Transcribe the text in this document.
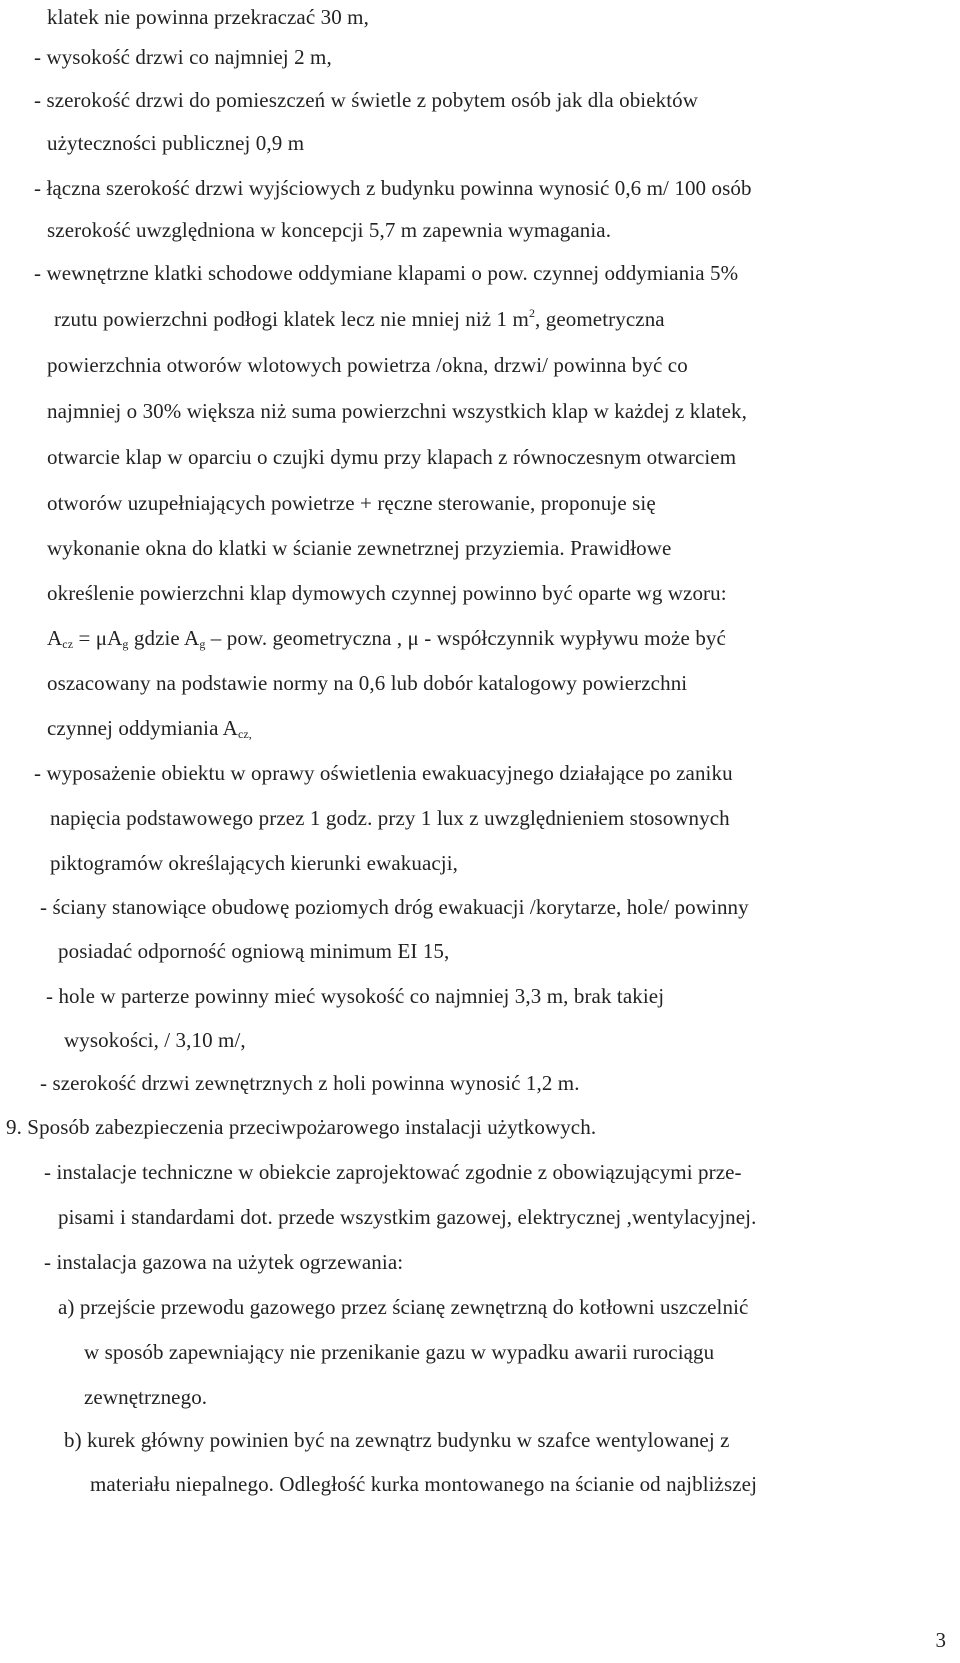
klatek nie powinna przekraczać 30 m,
- wysokość drzwi co najmniej 2 m,
- szerokość drzwi do pomieszczeń w świetle z pobytem osób jak dla obiektów
użyteczności publicznej 0,9 m
- łączna szerokość drzwi wyjściowych z budynku powinna wynosić 0,6 m/ 100 osób
szerokość uwzględniona w koncepcji 5,7 m zapewnia wymagania.
- wewnętrzne klatki schodowe oddymiane klapami o pow. czynnej oddymiania 5%
rzutu powierzchni podłogi klatek lecz nie mniej niż 1 $m^2$, geometryczna
powierzchnia otworów wlotowych powietrza /okna, drzwi/ powinna być co
najmniej o 30% większa niż suma powierzchni wszystkich klap w każdej z klatek,
otwarcie klap w oparciu o czujki dymu przy klapach z równoczesnym otwarciem
otworów uzupełniających powietrze + ręczne sterowanie, proponuje się
wykonanie okna do klatki w ścianie zewnetrznej przyziemia. Prawidłowe
określenie powierzchni klap dymowych czynnej powinno być oparte wg wzoru:
$A_{cz} = \mu A_g$ gdzie $A_g$ – pow. geometryczna , μ - współczynnik wypływu może być
oszacowany na podstawie normy na 0,6 lub dobór katalogowy powierzchni
czynnej oddymiania $A_{cz,}$
- wyposażenie obiektu w oprawy oświetlenia ewakuacyjnego działające po zaniku
napięcia podstawowego przez 1 godz. przy 1 lux z uwzględnieniem stosownych
piktogramów określających kierunki ewakuacji,
- ściany stanowiące obudowę poziomych dróg ewakuacji /korytarze, hole/ powinny
posiadać odporność ogniową minimum EI 15,
- hole w parterze powinny mieć wysokość co najmniej 3,3 m, brak takiej
wysokości, / 3,10 m/,
- szerokość drzwi zewnętrznych z holi powinna wynosić 1,2 m.
9. Sposób zabezpieczenia przeciwpożarowego instalacji użytkowych.
- instalacje techniczne w obiekcie zaprojektować zgodnie z obowiązującymi prze-
pisami i standardami dot. przede wszystkim gazowej, elektrycznej ,wentylacyjnej.
- instalacja gazowa na użytek ogrzewania:
a) przejście przewodu gazowego przez ścianę zewnętrzną do kotłowni uszczelnić
w sposób zapewniający nie przenikanie gazu w wypadku awarii rurociągu
zewnętrznego.
b) kurek główny powinien być na zewnątrz budynku w szafce wentylowanej z
materiału niepalnego. Odległość kurka montowanego na ścianie od najbliższej
3
